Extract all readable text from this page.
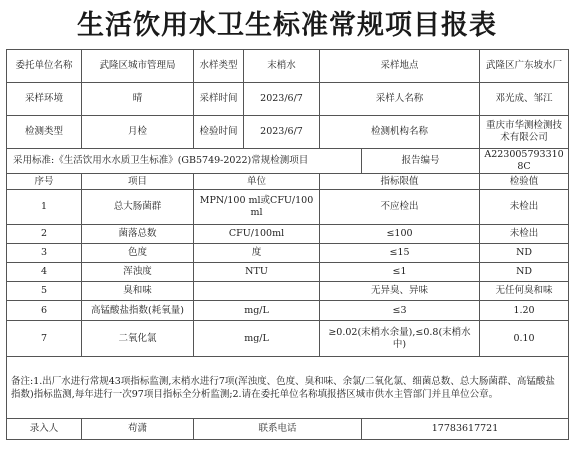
生活饮用水卫生标准常规项目报表
委托单位名称	武隆区城市管理局	水样类型	末梢水	采样地点		武隆区广东坡水厂
采样环境	晴	采样时间	2023/6/7	采样人名称		邓光成、邹江
检测类型	月检	检验时间	2023/6/7	检测机构名称		重庆市华测检测技术有限公司
采用标准:《生活饮用水水质卫生标准》(GB5749-2022)常规检测项目					报告编号	A2230057933108C
序号	项目	单位		指标限值		检验值
1	总大肠菌群	MPN/100 ml或CFU/100ml		不应检出		未检出
2	菌落总数	CFU/100ml		≤100		未检出
3	色度	度		≤15		ND
4	浑浊度	NTU		≤1		ND
5	臭和味			无异臭、异味		无任何臭和味
6	高锰酸盐指数(耗氧量)	mg/L		≤3		1.20
7	二氧化氯	mg/L		≥0.02(末梢水余量),≤0.8(末梢水中)		0.10
备注:1.出厂水进行常规43项指标监测,末梢水进行7项(浑浊度、色度、臭和味、余氯/二氧化氯、细菌总数、总大肠菌群、高锰酸盐指数)指标监测,每年进行一次97项目指标全分析监测;2.请在委托单位名称填报搭区城市供水主管部门并且单位公章。						
录入人	苟潇	联系电话			17783617721	
